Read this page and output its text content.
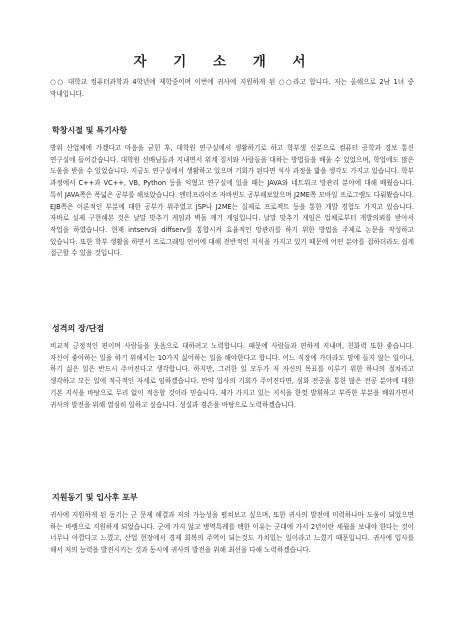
자 기 소 개 서

○○ 대학교 컴퓨터과학과 4학년에 재학중이며 이번에 귀사에 지원하게 된 ○○라고 합니다. 저는 올해으로 2남 1녀 중 막내입니다.

학창시절 및 특기사항

방위 산업체에 가겠다고 마음을 굳힌 후, 대학원 연구실에서 생활하기로 하고 학부생 신분으로 컴퓨터 공학과 경보 통신 연구실에 들어갔습니다. 대학원 선배님들과 지내면서 위계 질서와 사람들을 대하는 방법들을 배울 수 있었으며, 학업에도 많은 도움을 받을 수 있었습니다. 지금도 연구실에서 생활하고 있으며 기회가 된다면 석사 과정을 밟을 생각도 가지고 있습니다. 학부 과정에서 C++과 VC++, VB, Python 등을 익혔고 연구실에 있을 때는 JAVA와 네트워크 망관리 분야에 대해 배웠습니다. 특히 JAVA쪽은 폭넓은 공부를 해보았습니다. 엔터프라이즈 자바빈도 공부해보았으며 J2ME쪽 모바일 프로그램도 다뤄봤습니다. EJB쪽은 이론적인 부분에 대한 공부가 위주였고 JSP나 J2ME는 실제로 프로젝트 등을 통한 개발 경험도 가지고 있습니다. 자바로 실제 구현해본 것은 날말 맞추기 게임과 벽돌 깨기 게임입니다. 날말 맞추기 게임은 업체로부터 개발의뢰를 받아서 작업을 하였습니다. 현재 intserv와 diffserv를 통합시켜 효율적인 망관리를 하기 위한 방법을 주제로 논문을 작성하고 있습니다. 또한 학부 생활을 하면서 프로그래밍 언어에 대해 전반적인 지식을 가지고 있기 때문에 어떤 분야를 접하더라도 쉽게 접근할 수 있을 것입니다.

성격의 장/단점

비교적 긍정적인 편이며 사람들을 웃음으로 대하려고 노력합니다. 때문에 사람들과 편하게 지내며, 친화력 또한 좋습니다. 자신이 좋아하는 일을 하기 위해서는 10가지 싫어하는 일을 해야한다고 합니다. 어느 직장에 가더라도 맘에 들지 않는 일이나, 하기 싫은 일은 반드시 주어진다고 생각합니다. 하지만, 그러한 일 모두가 저 자신의 목표를 이루기 위한 하나의 절차라고 생각하고 모든 일에 적극적인 자세로 임하겠습니다. 만약 입사의 기회가 주어진다면, 심화 전공을 통한 많은 전공 분야에 대한 기본 지식을 바탕으로 무리 없이 적응할 것이라 믿습니다. 제가 가지고 있는 지식을 한껏 발휘하고 부족한 부분을 배워가면서 귀사의 발전을 위해 열심히 일하고 싶습니다. 성실과 겸손을 바탕으로 노력하겠습니다.

지원동기 및 입사후 포부

귀사에 지원하게 된 동기는 군 문제 해결과 저의 가능성을 펼쳐보고 싶으며, 또한 귀사의 발전에 미력하나마 도움이 되었으면 하는 바램으로 지원하게 되었습니다. 군에 가지 않고 병역특례를 택한 이유는 군대에 가서 2년이란 세월을 보내야 한다는 것이 너무나 아깝다고 느꼈고, 산업 현장에서 경제 회복의 주역이 되는것도 가치있는 일이라고 느꼈기 때문입니다. 귀사에 입사를 해서 저의 능력을 발전시키는 것과 동시에 귀사의 발전을 위해 최선을 다해 노력하겠습니다.
